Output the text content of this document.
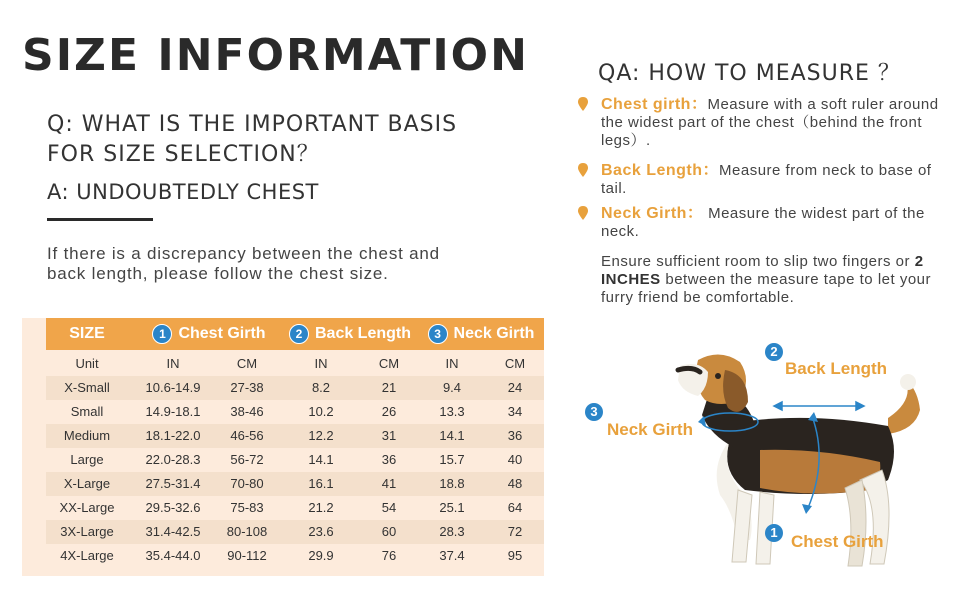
SIZE INFORMATION
Q: WHAT IS THE IMPORTANT BASIS FOR SIZE SELECTION？
A: UNDOUBTEDLY CHEST
If there is a discrepancy between the chest and back length, please follow the chest size.
SIZE	1 Chest Girth	2 Back Length	3 Neck Girth
Unit	IN	CM	IN	CM	IN	CM
X-Small	10.6-14.9	27-38	8.2	21	9.4	24
Small	14.9-18.1	38-46	10.2	26	13.3	34
Medium	18.1-22.0	46-56	12.2	31	14.1	36
Large	22.0-28.3	56-72	14.1	36	15.7	40
X-Large	27.5-31.4	70-80	16.1	41	18.8	48
XX-Large	29.5-32.6	75-83	21.2	54	25.1	64
3X-Large	31.4-42.5	80-108	23.6	60	28.3	72
4X-Large	35.4-44.0	90-112	29.9	76	37.4	95
QA: HOW TO MEASURE ？
Chest girth：Measure with a soft ruler around the widest part of the chest（behind the front legs）.
Back Length：Measure from neck to base of tail.
Neck Girth： Measure the widest part of the neck.
Ensure sufficient room to slip two fingers or 2 INCHES between the measure tape to let your furry friend be comfortable.
2
Back Length
3
Neck Girth
1 Chest Girth
